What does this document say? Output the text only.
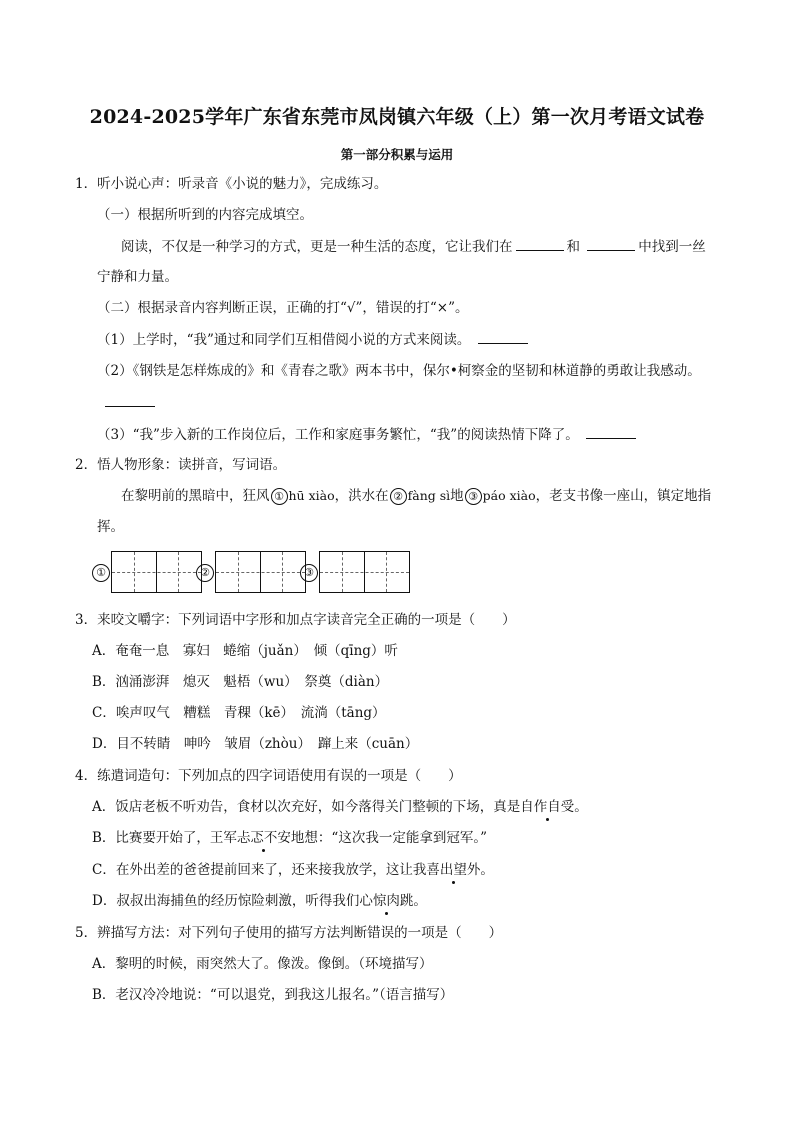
2024-2025学年广东省东莞市凤岗镇六年级（上）第一次月考语文试卷
第一部分积累与运用
1．听小说心声：听录音《小说的魅力》，完成练习。
（一）根据所听到的内容完成填空。
阅读，不仅是一种学习的方式，更是一种生活的态度，它让我们在	和	中找到一丝
宁静和力量。
（二）根据录音内容判断正误，正确的打“√”，错误的打“×”。
（1）上学时，“我”通过和同学们互相借阅小说的方式来阅读。
（2）《钢铁是怎样炼成的》和《青春之歌》两本书中，保尔•柯察金的坚韧和林道静的勇敢让我感动。
（3）“我”步入新的工作岗位后，工作和家庭事务繁忙，“我”的阅读热情下降了。
2．悟人物形象：读拼音，写词语。
在黎明前的黑暗中，狂风 ① hū xiào，洪水在 ② fàng sì地 ③ páo xiào，老支书像一座山，镇定地指
挥。
①	②	③
3．来咬文嚼字：下列词语中字形和加点字读音完全正确的一项是（　　）
A．奄奄一息　寡妇　蜷缩（juǎn）　倾（qīng）听
B．汹涌澎湃　熄灭　魁梧（wu）　祭奠（diàn）
C．唉声叹气　糟糕　青稞（kē）　流淌（tāng）
D．目不转睛　呻吟　皱眉（zhòu）　蹿上来（cuān）
4．练遣词造句：下列加点的四字词语使用有误的一项是（　　）
A．饭店老板不听劝告，食材以次充好，如今落得关门整顿的下场，真是自作自受。
B．比赛要开始了，王军忐忑不安地想：“这次我一定能拿到冠军。”
C．在外出差的爸爸提前回来了，还来接我放学，这让我喜出望外。
D．叔叔出海捕鱼的经历惊险刺激，听得我们心惊肉跳。
5．辨描写方法：对下列句子使用的描写方法判断错误的一项是（　　）
A．黎明的时候，雨突然大了。像泼。像倒。（环境描写）
B．老汉冷冷地说：“可以退党，到我这儿报名。”（语言描写）
